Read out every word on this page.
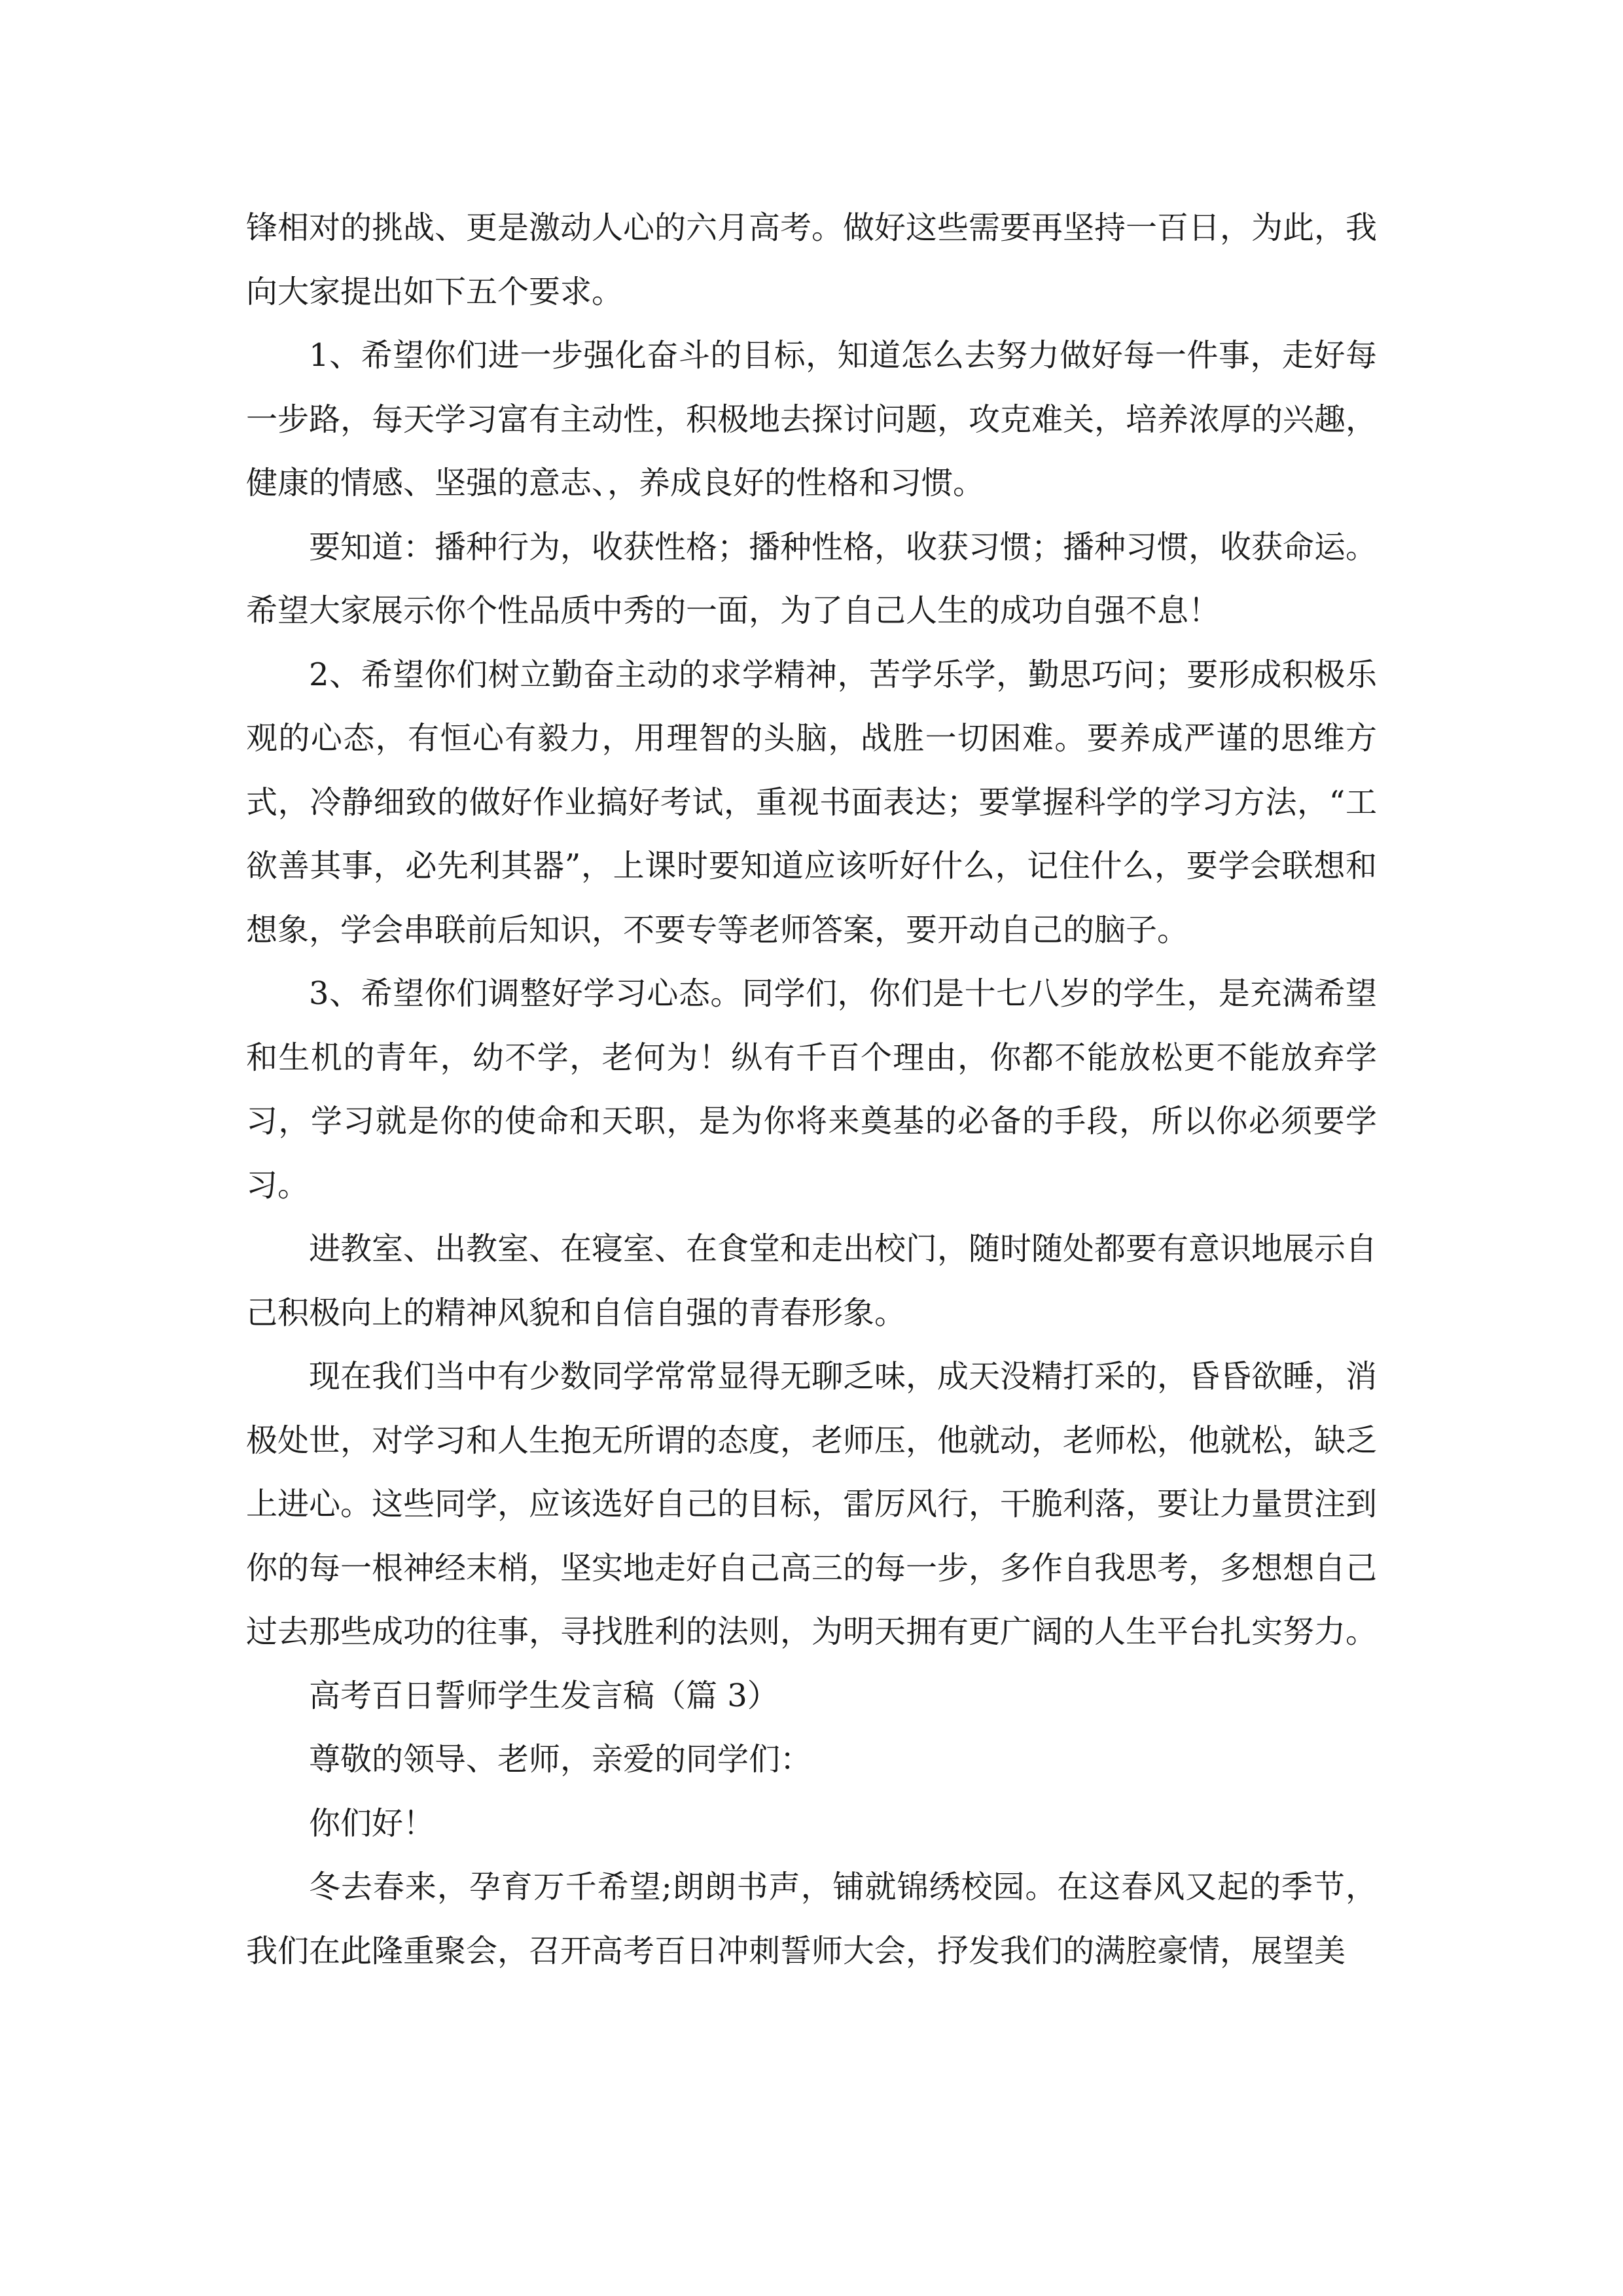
锋相对的挑战、更是激动人心的六月高考。做好这些需要再坚持一百日，为此，我向大家提出如下五个要求。

1、希望你们进一步强化奋斗的目标，知道怎么去努力做好每一件事，走好每一步路，每天学习富有主动性，积极地去探讨问题，攻克难关，培养浓厚的兴趣，健康的情感、坚强的意志、，养成良好的性格和习惯。

要知道：播种行为，收获性格；播种性格，收获习惯；播种习惯，收获命运。希望大家展示你个性品质中秀的一面，为了自己人生的成功自强不息！

2、希望你们树立勤奋主动的求学精神，苦学乐学，勤思巧问；要形成积极乐观的心态，有恒心有毅力，用理智的头脑，战胜一切困难。要养成严谨的思维方式，冷静细致的做好作业搞好考试，重视书面表达；要掌握科学的学习方法，“工欲善其事，必先利其器”，上课时要知道应该听好什么，记住什么，要学会联想和想象，学会串联前后知识，不要专等老师答案，要开动自己的脑子。

3、希望你们调整好学习心态。同学们，你们是十七八岁的学生，是充满希望和生机的青年，幼不学，老何为！纵有千百个理由，你都不能放松更不能放弃学习，学习就是你的使命和天职，是为你将来奠基的必备的手段，所以你必须要学习。

进教室、出教室、在寝室、在食堂和走出校门，随时随处都要有意识地展示自己积极向上的精神风貌和自信自强的青春形象。

现在我们当中有少数同学常常显得无聊乏味，成天没精打采的，昏昏欲睡，消极处世，对学习和人生抱无所谓的态度，老师压，他就动，老师松，他就松，缺乏上进心。这些同学，应该选好自己的目标，雷厉风行，干脆利落，要让力量贯注到你的每一根神经末梢，坚实地走好自己高三的每一步，多作自我思考，多想想自己过去那些成功的往事，寻找胜利的法则，为明天拥有更广阔的人生平台扎实努力。

高考百日誓师学生发言稿（篇 3）

尊敬的领导、老师，亲爱的同学们：

你们好！

冬去春来，孕育万千希望;朗朗书声，铺就锦绣校园。在这春风又起的季节，我们在此隆重聚会，召开高考百日冲刺誓师大会，抒发我们的满腔豪情，展望美
